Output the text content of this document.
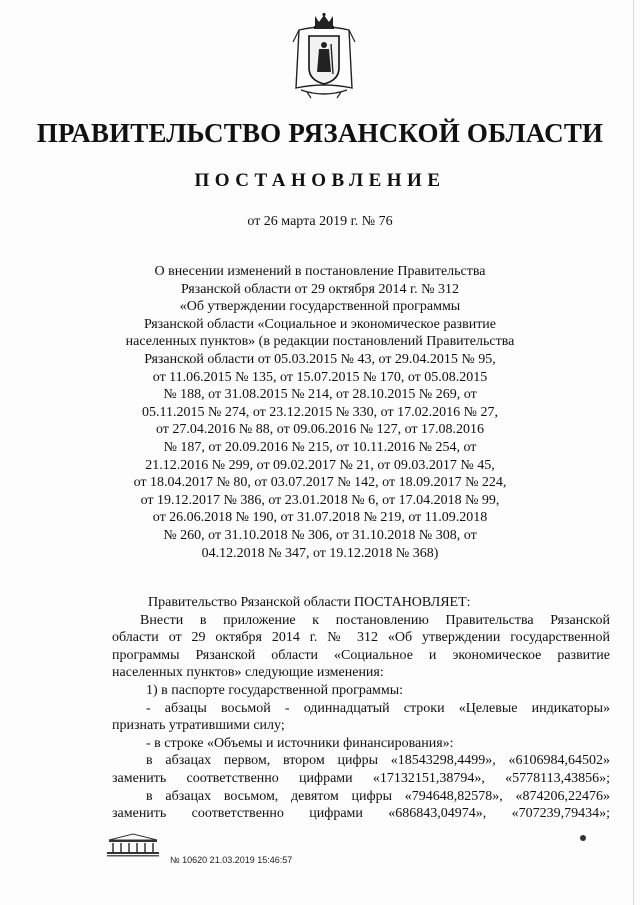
ПРАВИТЕЛЬСТВО РЯЗАНСКОЙ ОБЛАСТИ
ПОСТАНОВЛЕНИЕ
от 26 марта 2019 г. № 76
О внесении изменений в постановление Правительства
Рязанской области от 29 октября 2014 г. № 312
«Об утверждении государственной программы
Рязанской области «Социальное и экономическое развитие
населенных пунктов» (в редакции постановлений Правительства
Рязанской области от 05.03.2015 № 43, от 29.04.2015 № 95,
от 11.06.2015 № 135, от 15.07.2015 № 170, от 05.08.2015
№ 188, от 31.08.2015 № 214, от 28.10.2015 № 269, от
05.11.2015 № 274, от 23.12.2015 № 330, от 17.02.2016 № 27,
от 27.04.2016 № 88, от 09.06.2016 № 127, от 17.08.2016
№ 187, от 20.09.2016 № 215, от 10.11.2016 № 254, от
21.12.2016 № 299, от 09.02.2017 № 21, от 09.03.2017 № 45,
от 18.04.2017 № 80, от 03.07.2017 № 142, от 18.09.2017 № 224,
от 19.12.2017 № 386, от 23.01.2018 № 6, от 17.04.2018 № 99,
от 26.06.2018 № 190, от 31.07.2018 № 219, от 11.09.2018
№ 260, от 31.10.2018 № 306, от 31.10.2018 № 308, от
04.12.2018 № 347, от 19.12.2018 № 368)
Правительство Рязанской области ПОСТАНОВЛЯЕТ:
Внести в приложение к постановлению Правительства Рязанской
области от 29 октября 2014 г. № 312 «Об утверждении государственной
программы Рязанской области «Социальное и экономическое развитие
населенных пунктов» следующие изменения:
1) в паспорте государственной программы:
- абзацы восьмой - одиннадцатый строки «Целевые индикаторы»
признать утратившими силу;
- в строке «Объемы и источники финансирования»:
в абзацах первом, втором цифры «18543298,4499», «6106984,64502»
заменить соответственно цифрами «17132151,38794», «5778113,43856»;
в абзацах восьмом, девятом цифры «794648,82578», «874206,22476»
заменить соответственно цифрами «686843,04974», «707239,79434»;
№ 10620 21.03.2019 15:46:57
